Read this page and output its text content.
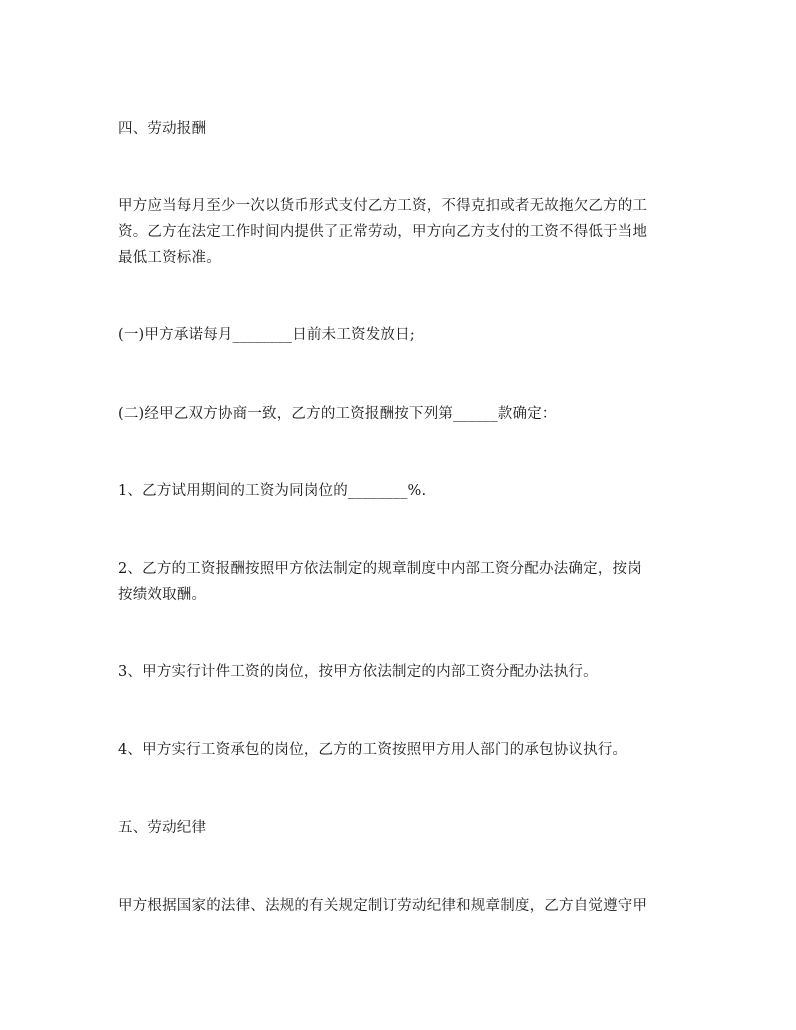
四、劳动报酬
甲方应当每月至少一次以货币形式支付乙方工资，不得克扣或者无故拖欠乙方的工
资。乙方在法定工作时间内提供了正常劳动，甲方向乙方支付的工资不得低于当地
最低工资标准。
(一)甲方承诺每月________日前未工资发放日;
(二)经甲乙双方协商一致，乙方的工资报酬按下列第______款确定：
1、乙方试用期间的工资为同岗位的________%.
2、乙方的工资报酬按照甲方依法制定的规章制度中内部工资分配办法确定，按岗
按绩效取酬。
3、甲方实行计件工资的岗位，按甲方依法制定的内部工资分配办法执行。
4、甲方实行工资承包的岗位，乙方的工资按照甲方用人部门的承包协议执行。
五、劳动纪律
甲方根据国家的法律、法规的有关规定制订劳动纪律和规章制度，乙方自觉遵守甲
